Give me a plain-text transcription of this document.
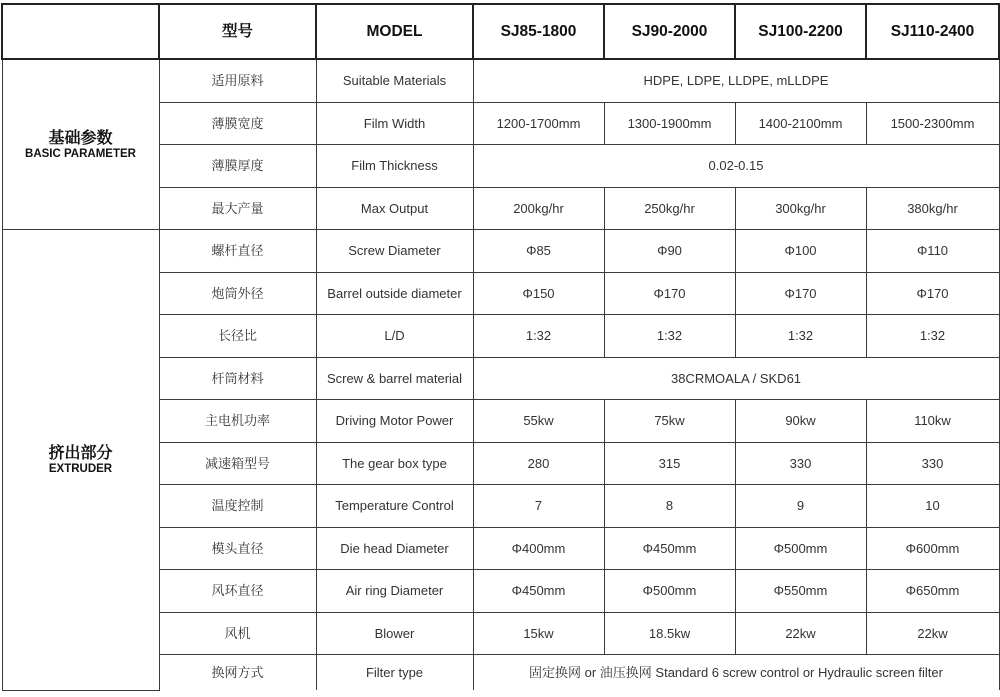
	型号	MODEL	SJ85-1800	SJ90-2000	SJ100-2200	SJ110-2400

基础参数
BASIC PARAMETER	适用原料	Suitable Materials	HDPE, LDPE, LLDPE, mLLDPE			
	薄膜宽度	Film Width	1200-1700mm	1300-1900mm	1400-2100mm	1500-2300mm
	薄膜厚度	Film Thickness	0.02-0.15			
	最大产量	Max Output	200kg/hr	250kg/hr	300kg/hr	380kg/hr

挤出部分
EXTRUDER	螺杆直径	Screw Diameter	Φ85	Φ90	Φ100	Φ110
	炮筒外径	Barrel outside diameter	Φ150	Φ170	Φ170	Φ170
	长径比	L/D	1:32	1:32	1:32	1:32
	杆筒材料	Screw & barrel material	38CRMOALA / SKD61			
	主电机功率	Driving Motor Power	55kw	75kw	90kw	110kw
	减速箱型号	The gear box type	280	315	330	330
	温度控制	Temperature Control	7	8	9	10
	模头直径	Die head Diameter	Φ400mm	Φ450mm	Φ500mm	Φ600mm
	风环直径	Air ring Diameter	Φ450mm	Φ500mm	Φ550mm	Φ650mm
	风机	Blower	15kw	18.5kw	22kw	22kw
	换网方式	Filter type	固定换网 or 油压换网 Standard 6 screw control or Hydraulic screen filter			
